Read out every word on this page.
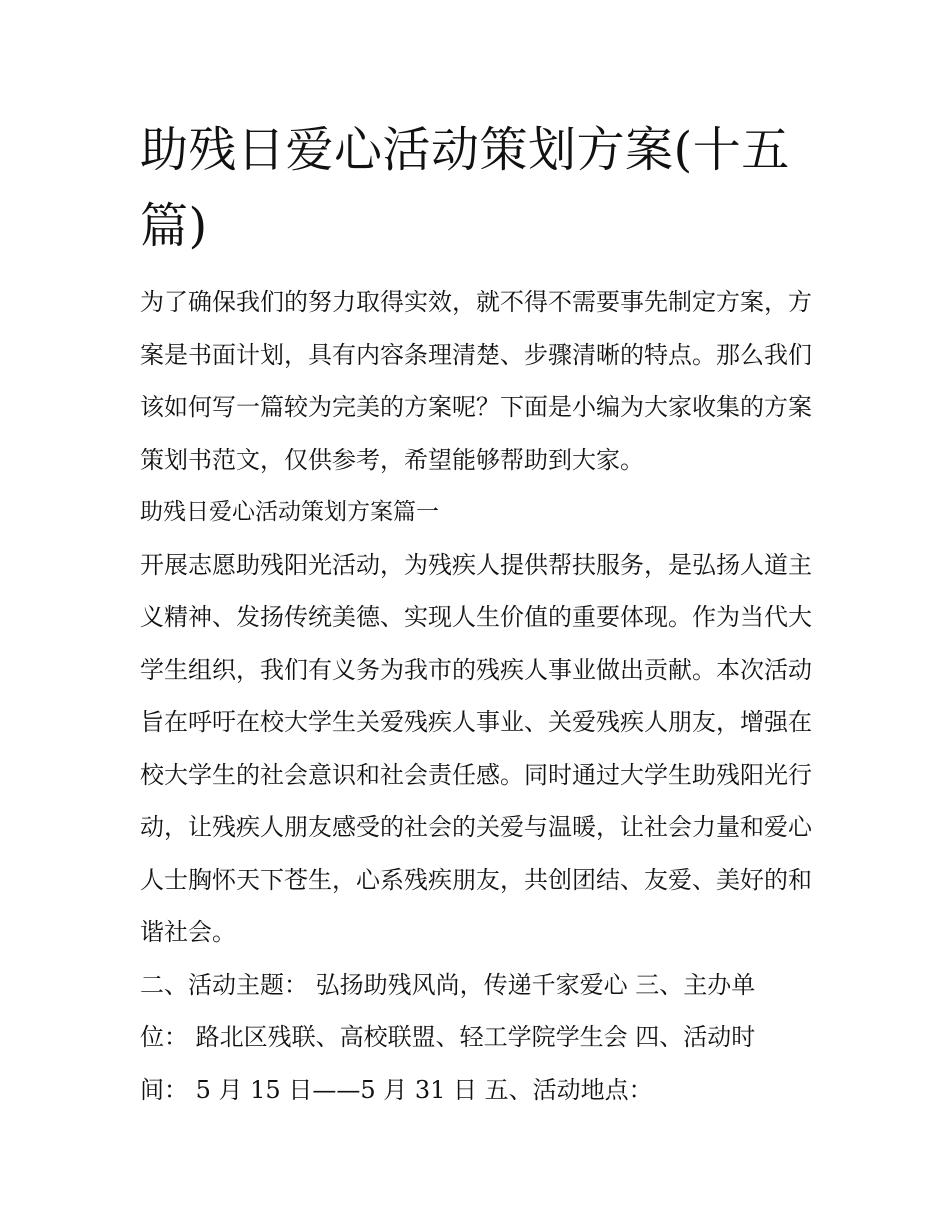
助残日爱心活动策划方案(十五篇)

为了确保我们的努力取得实效，就不得不需要事先制定方案，方案是书面计划，具有内容条理清楚、步骤清晰的特点。那么我们该如何写一篇较为完美的方案呢？下面是小编为大家收集的方案策划书范文，仅供参考，希望能够帮助到大家。

助残日爱心活动策划方案篇一

开展志愿助残阳光活动，为残疾人提供帮扶服务，是弘扬人道主义精神、发扬传统美德、实现人生价值的重要体现。作为当代大学生组织，我们有义务为我市的残疾人事业做出贡献。本次活动旨在呼吁在校大学生关爱残疾人事业、关爱残疾人朋友，增强在校大学生的社会意识和社会责任感。同时通过大学生助残阳光行动，让残疾人朋友感受的社会的关爱与温暖，让社会力量和爱心人士胸怀天下苍生，心系残疾朋友，共创团结、友爱、美好的和谐社会。

二、活动主题： 弘扬助残风尚，传递千家爱心 三、主办单

位： 路北区残联、高校联盟、轻工学院学生会 四、活动时

间： 5 月 15 日——5 月 31 日 五、活动地点：
